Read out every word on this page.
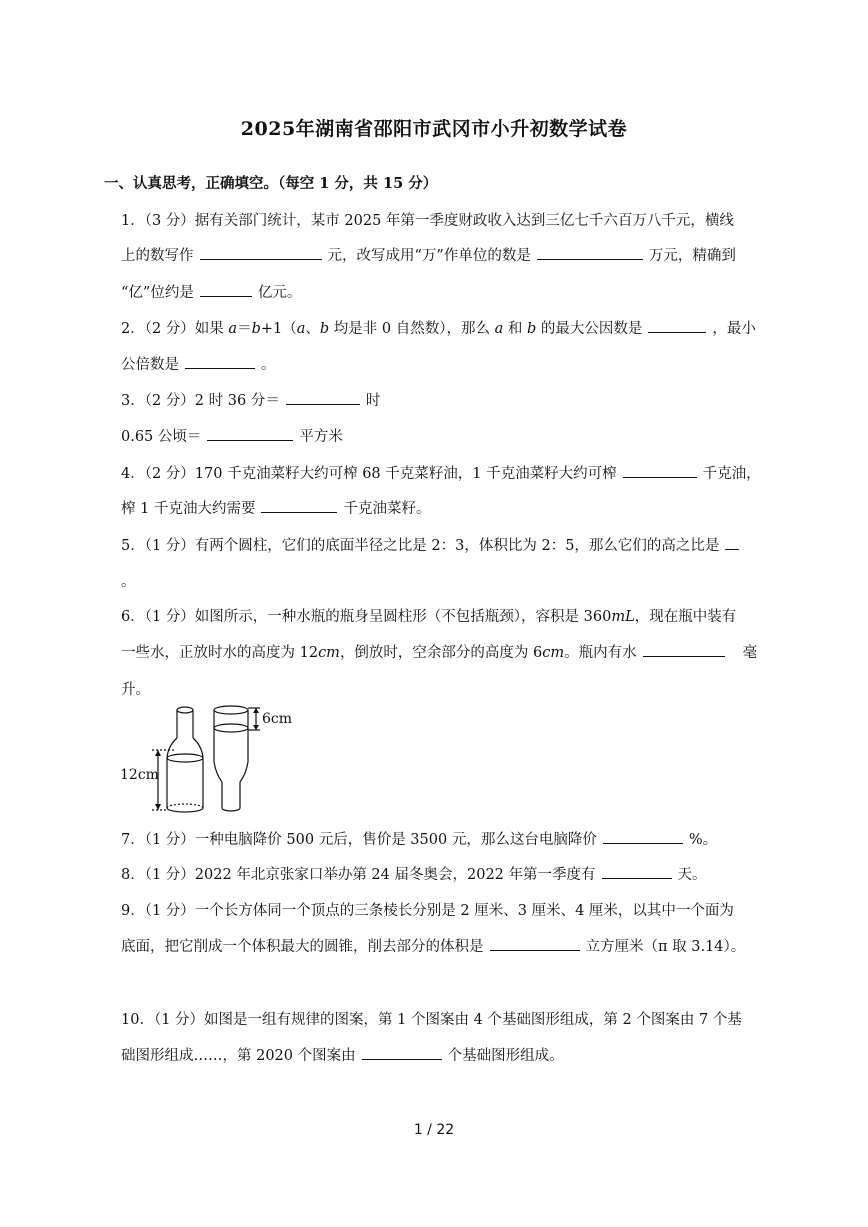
2025年湖南省邵阳市武冈市小升初数学试卷
一、认真思考，正确填空。（每空 1 分，共 15 分）
1．（3 分）据有关部门统计，某市 2025 年第一季度财政收入达到三亿七千六百万八千元，横线
上的数写作	元，改写成用“万”作单位的数是	万元，精确到
“亿”位约是	亿元。
2．（2 分）如果 a＝b+1（a、b 均是非 0 自然数），那么 a 和 b 的最大公因数是	，最小
公倍数是	。
3．（2 分）2 时 36 分＝	时
0.65 公顷＝	平方米
4．（2 分）170 千克油菜籽大约可榨 68 千克菜籽油，1 千克油菜籽大约可榨	千克油，
榨 1 千克油大约需要	千克油菜籽。
5．（1 分）有两个圆柱，它们的底面半径之比是 2：3，体积比为 2：5，那么它们的高之比是
。
6．（1 分）如图所示，一种水瓶的瓶身呈圆柱形（不包括瓶颈），容积是 360mL，现在瓶中装有
一些水，正放时水的高度为 12cm，倒放时，空余部分的高度为 6cm。瓶内有水	毫
升。
6cm
12cm
7．（1 分）一种电脑降价 500 元后，售价是 3500 元，那么这台电脑降价	%。
8．（1 分）2022 年北京张家口举办第 24 届冬奥会，2022 年第一季度有	天。
9．（1 分）一个长方体同一个顶点的三条棱长分别是 2 厘米、3 厘米、4 厘米，以其中一个面为
底面，把它削成一个体积最大的圆锥，削去部分的体积是	立方厘米（π 取 3.14）。
10．（1 分）如图是一组有规律的图案，第 1 个图案由 4 个基础图形组成，第 2 个图案由 7 个基
础图形组成……，第 2020 个图案由	个基础图形组成。
1 / 22
